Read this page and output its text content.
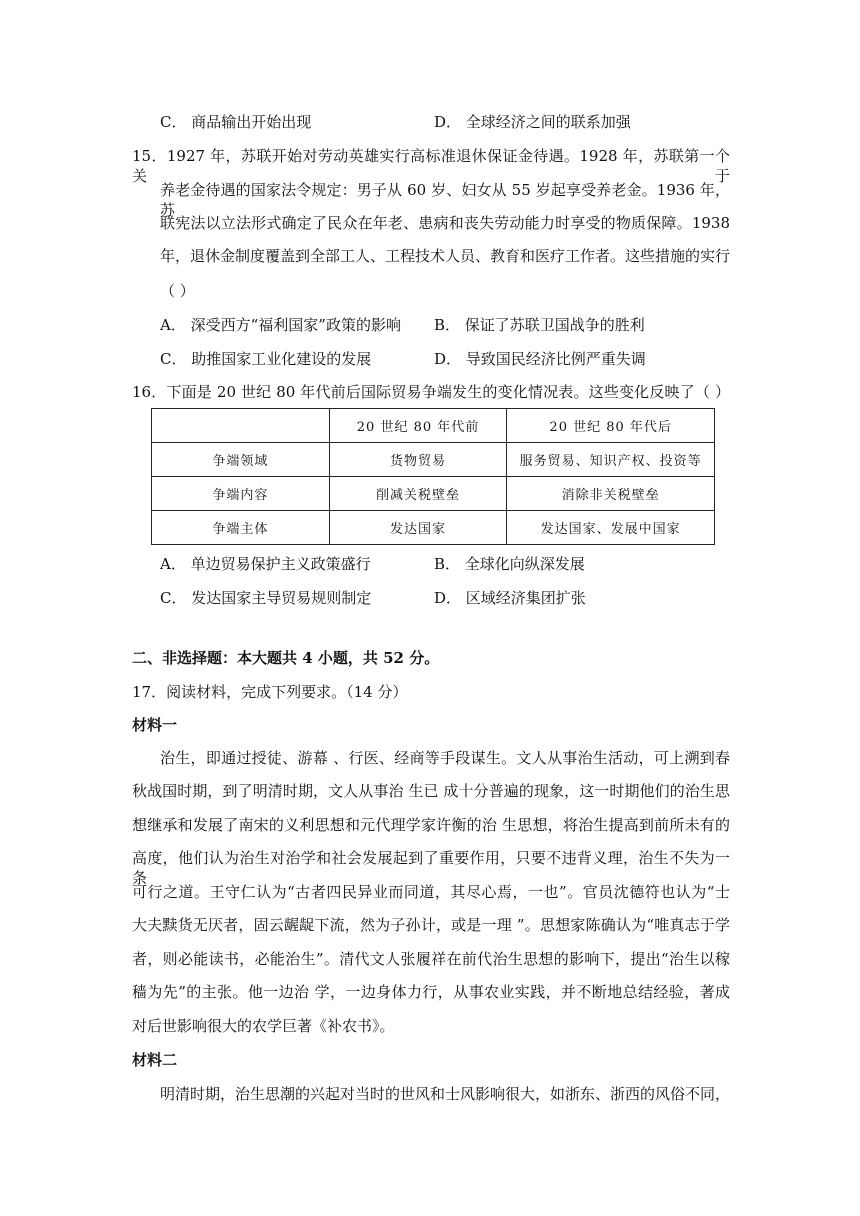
C． 商品输出开始出现	D． 全球经济之间的联系加强
15．1927 年，苏联开始对劳动英雄实行高标准退休保证金待遇。1928 年，苏联第一个关于
养老金待遇的国家法令规定：男子从 60 岁、妇女从 55 岁起享受养老金。1936 年，苏
联宪法以立法形式确定了民众在年老、患病和丧失劳动能力时享受的物质保障。1938
年，退休金制度覆盖到全部工人、工程技术人员、教育和医疗工作者。这些措施的实行
（ ）
A． 深受西方“福利国家”政策的影响 B． 保证了苏联卫国战争的胜利
C． 助推国家工业化建设的发展	D． 导致国民经济比例严重失调
16．下面是 20 世纪 80 年代前后国际贸易争端发生的变化情况表。这些变化反映了（ ）
	20 世纪 80 年代前	20 世纪 80 年代后
争端领域	货物贸易	服务贸易、知识产权、投资等
争端内容	削减关税壁垒	消除非关税壁垒
争端主体	发达国家	发达国家、发展中国家
A． 单边贸易保护主义政策盛行	B． 全球化向纵深发展
C． 发达国家主导贸易规则制定	D． 区域经济集团扩张
二、非选择题：本大题共 4 小题，共 52 分。
17．阅读材料，完成下列要求。（14 分）
材料一
治生，即通过授徒、游幕 、行医、经商等手段谋生。文人从事治生活动，可上溯到春
秋战国时期，到了明清时期，文人从事治 生已 成十分普遍的现象，这一时期他们的治生思
想继承和发展了南宋的义利思想和元代理学家许衡的治 生思想，将治生提高到前所未有的
高度，他们认为治生对治学和社会发展起到了重要作用，只要不违背义理，治生不失为一条
可行之道。王守仁认为“古者四民异业而同道，其尽心焉，一也”。官员沈德符也认为“士
大夫黩货无厌者，固云龌龊下流，然为子孙计，或是一理 ”。思想家陈确认为“唯真志于学
者，则必能读书，必能治生”。清代文人张履祥在前代治生思想的影响下，提出“治生以稼
穑为先”的主张。他一边治 学，一边身体力行，从事农业实践，并不断地总结经验，著成
对后世影响很大的农学巨著《补农书》。
材料二
明清时期，治生思潮的兴起对当时的世风和士风影响很大，如浙东、浙西的风俗不同，
